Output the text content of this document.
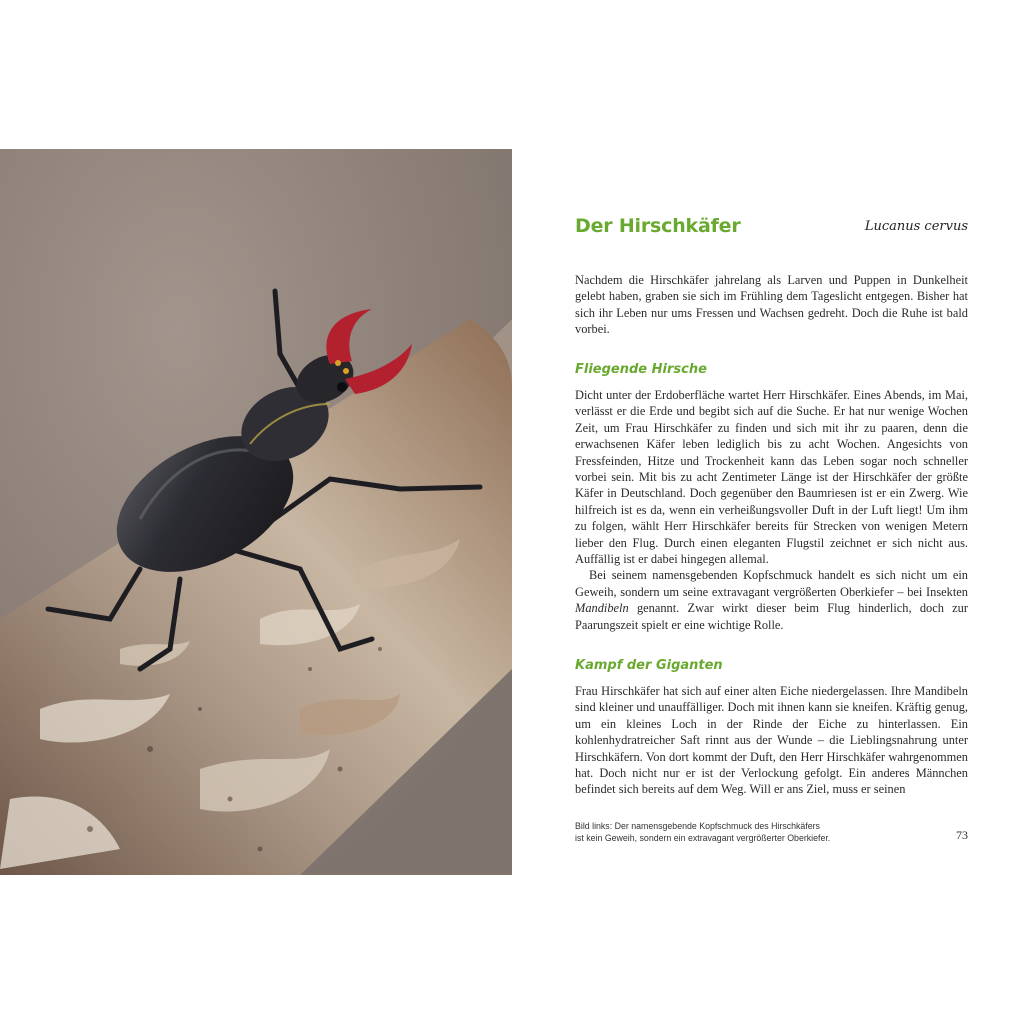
Der Hirschkäfer	Lucanus cervus

Nachdem die Hirschkäfer jahrelang als Larven und Puppen in Dunkelheit gelebt haben, graben sie sich im Frühling dem Tageslicht entgegen. Bisher hat sich ihr Leben nur ums Fressen und Wachsen gedreht. Doch die Ruhe ist bald vorbei.

Fliegende Hirsche

Dicht unter der Erdoberfläche wartet Herr Hirschkäfer. Eines Abends, im Mai, verlässt er die Erde und begibt sich auf die Suche. Er hat nur wenige Wochen Zeit, um Frau Hirschkäfer zu finden und sich mit ihr zu paaren, denn die erwachsenen Käfer leben lediglich bis zu acht Wochen. Angesichts von Fressfeinden, Hitze und Trockenheit kann das Leben sogar noch schneller vorbei sein. Mit bis zu acht Zentimeter Länge ist der Hirschkäfer der größte Käfer in Deutschland. Doch gegenüber den Baumriesen ist er ein Zwerg. Wie hilfreich ist es da, wenn ein verheißungsvoller Duft in der Luft liegt! Um ihm zu folgen, wählt Herr Hirschkäfer bereits für Strecken von wenigen Metern lieber den Flug. Durch einen eleganten Flugstil zeichnet er sich nicht aus. Auffällig ist er dabei hingegen allemal.
Bei seinem namensgebenden Kopfschmuck handelt es sich nicht um ein Geweih, sondern um seine extravagant vergrößerten Oberkiefer – bei Insekten Mandibeln genannt. Zwar wirkt dieser beim Flug hinderlich, doch zur Paarungszeit spielt er eine wichtige Rolle.

Kampf der Giganten

Frau Hirschkäfer hat sich auf einer alten Eiche niedergelassen. Ihre Mandibeln sind kleiner und unauffälliger. Doch mit ihnen kann sie kneifen. Kräftig genug, um ein kleines Loch in der Rinde der Eiche zu hinterlassen. Ein kohlenhydratreicher Saft rinnt aus der Wunde – die Lieblingsnahrung unter Hirschkäfern. Von dort kommt der Duft, den Herr Hirschkäfer wahrgenommen hat. Doch nicht nur er ist der Verlockung gefolgt. Ein anderes Männchen befindet sich bereits auf dem Weg. Will er ans Ziel, muss er seinen

Bild links: Der namensgebende Kopfschmuck des Hirschkäfers
ist kein Geweih, sondern ein extravagant vergrößerter Oberkiefer.	73
